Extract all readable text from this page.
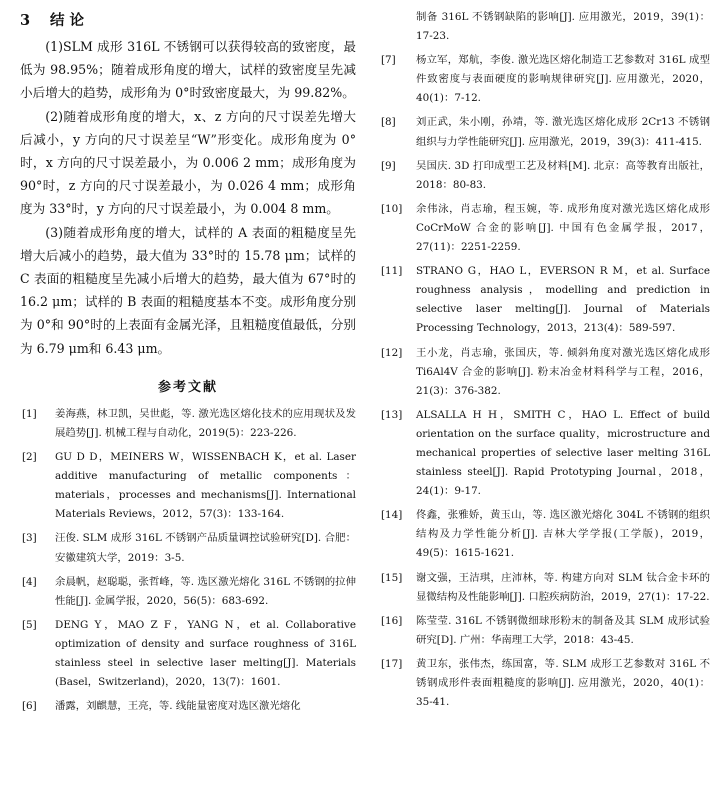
3 结 论

(1)SLM 成形 316L 不锈钢可以获得较高的致密度，最低为 98.95%；随着成形角度的增大，试样的致密度呈先减小后增大的趋势，成形角为 0°时致密度最大，为 99.82%。

(2)随着成形角度的增大，x、z 方向的尺寸误差先增大后减小，y 方向的尺寸误差呈“W”形变化。成形角度为 0°时，x 方向的尺寸误差最小，为 0.006 2 mm；成形角度为 90°时，z 方向的尺寸误差最小，为 0.026 4 mm；成形角度为 33°时，y 方向的尺寸误差最小，为 0.004 8 mm。

(3)随着成形角度的增大，试样的 A 表面的粗糙度呈先增大后减小的趋势，最大值为 33°时的 15.78 μm；试样的 C 表面的粗糙度呈先减小后增大的趋势，最大值为 67°时的 16.2 μm；试样的 B 表面的粗糙度基本不变。成形角度分别为 0°和 90°时的上表面有金属光泽，且粗糙度值最低，分别为 6.79 μm和 6.43 μm。

参考文献
[1] 姜海燕，林卫凯，吴世彪，等. 激光选区熔化技术的应用现状及发展趋势[J]. 机械工程与自动化，2019(5)：223-226.
[2] GU D D，MEINERS W，WISSENBACH K，et al. Laser additive manufacturing of metallic components：materials，processes and mechanisms[J]. International Materials Reviews，2012，57(3)：133-164.
[3] 汪俊. SLM 成形 316L 不锈钢产品质量调控试验研究[D]. 合肥：安徽建筑大学，2019：3-5.
[4] 余晨帆，赵聪聪，张哲峰，等. 选区激光熔化 316L 不锈钢的拉伸性能[J]. 金属学报，2020，56(5)：683-692.
[5] DENG Y，MAO Z F，YANG N，et al. Collaborative optimization of density and surface roughness of 316L stainless steel in selective laser melting[J]. Materials (Basel，Switzerland)，2020，13(7)：1601.
[6] 潘露，刘麒慧，王亮，等. 线能量密度对选区激光熔化
制备 316L 不锈钢缺陷的影响[J]. 应用激光，2019，39(1)：17-23.
[7] 杨立军，郑航，李俊. 激光选区熔化制造工艺参数对 316L 成型件致密度与表面硬度的影响规律研究[J]. 应用激光，2020，40(1)：7-12.
[8] 刘正武，朱小刚，孙靖，等. 激光选区熔化成形 2Cr13 不锈钢组织与力学性能研究[J]. 应用激光，2019，39(3)：411-415.
[9] 吴国庆. 3D 打印成型工艺及材料[M]. 北京：高等教育出版社，2018：80-83.
[10] 余伟泳，肖志瑜，程玉婉，等. 成形角度对激光选区熔化成形 CoCrMoW 合金的影响[J]. 中国有色金属学报，2017，27(11)：2251-2259.
[11] STRANO G，HAO L，EVERSON R M，et al. Surface roughness analysis，modelling and prediction in selective laser melting[J]. Journal of Materials Processing Technology，2013，213(4)：589-597.
[12] 王小龙，肖志瑜，张国庆，等. 倾斜角度对激光选区熔化成形 Ti6Al4V 合金的影响[J]. 粉末冶金材料科学与工程，2016，21(3)：376-382.
[13] ALSALLA H H，SMITH C，HAO L. Effect of build orientation on the surface quality，microstructure and mechanical properties of selective laser melting 316L stainless steel[J]. Rapid Prototyping Journal，2018，24(1)：9-17.
[14] 佟鑫，张雅娇，黄玉山，等. 选区激光熔化 304L 不锈钢的组织结构及力学性能分析[J]. 吉林大学学报(工学版)，2019，49(5)：1615-1621.
[15] 谢文强，王洁琪，庄沛林，等. 构建方向对 SLM 钛合金卡环的显微结构及性能影响[J]. 口腔疾病防治，2019，27(1)：17-22.
[16] 陈莹莹. 316L 不锈钢微细球形粉末的制备及其 SLM 成形试验研究[D]. 广州：华南理工大学，2018：43-45.
[17] 黄卫东，张伟杰，练国富，等. SLM 成形工艺参数对 316L 不锈钢成形件表面粗糙度的影响[J]. 应用激光，2020，40(1)：35-41.
